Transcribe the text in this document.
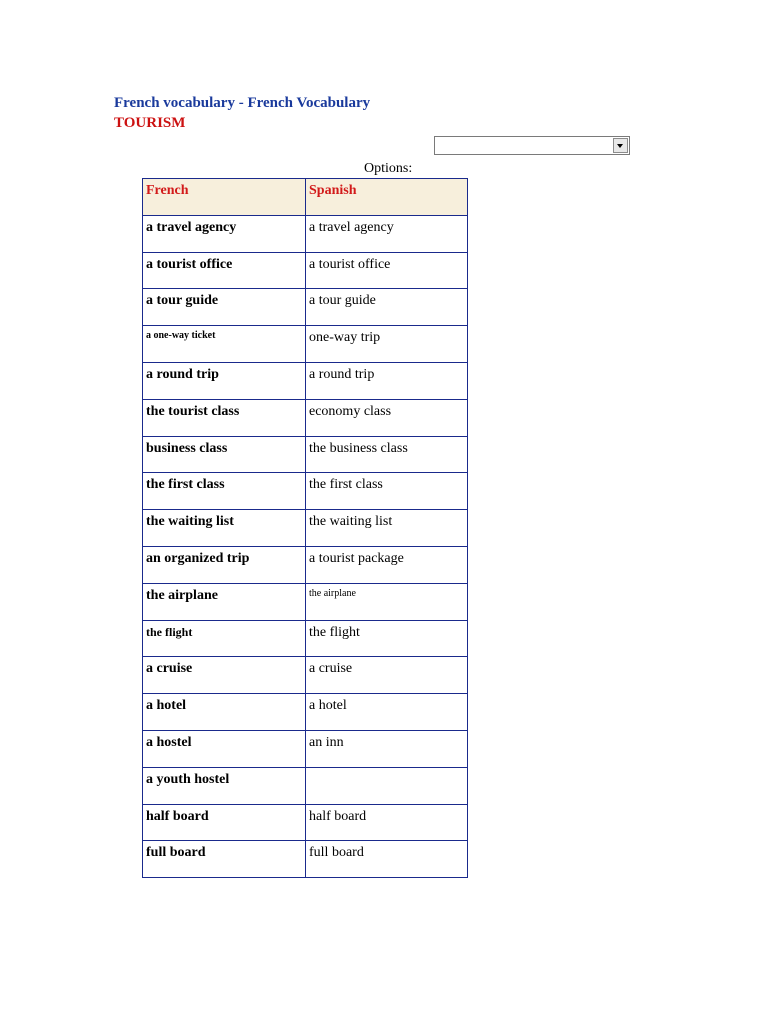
French vocabulary - French Vocabulary
TOURISM
Options:
French	Spanish
a travel agency	a travel agency
a tourist office	a tourist office
a tour guide	a tour guide
a one-way ticket	one-way trip
a round trip	a round trip
the tourist class	economy class
business class	the business class
the first class	the first class
the waiting list	the waiting list
an organized trip	a tourist package
the airplane	the airplane
the flight	the flight
a cruise	a cruise
a hotel	a hotel
a hostel	an inn
a youth hostel	
half board	half board
full board	full board
